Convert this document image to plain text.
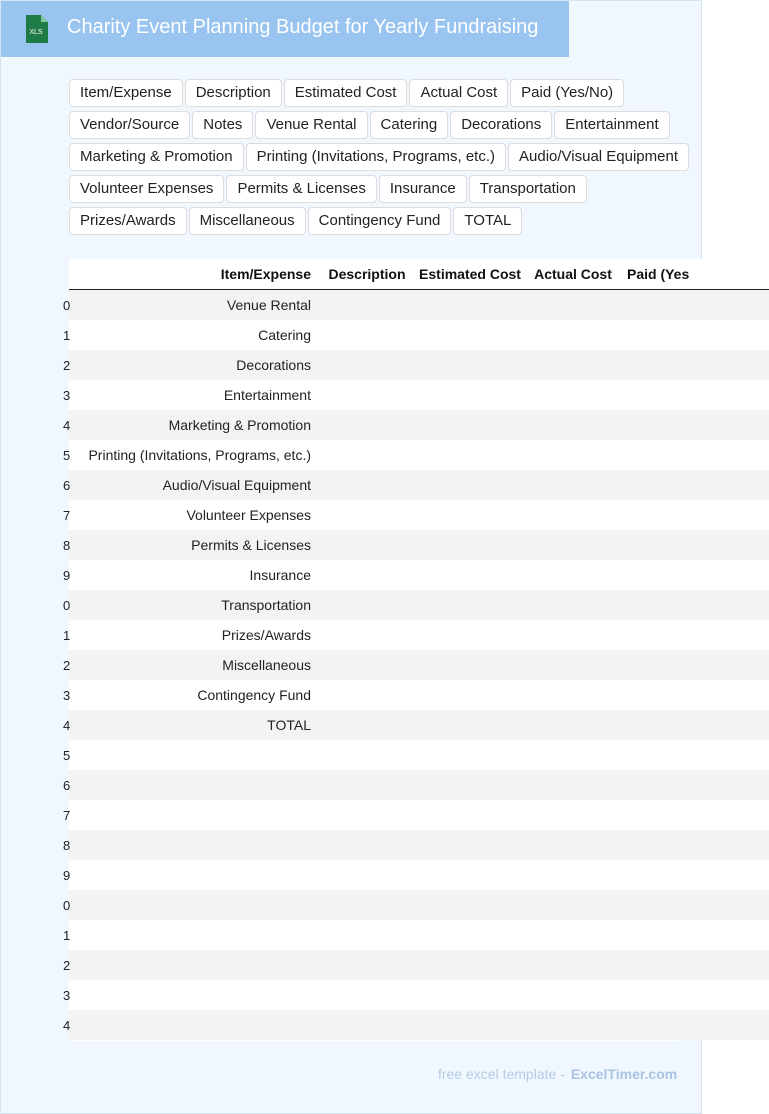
XLS Charity Event Planning Budget for Yearly Fundraising
Item/Expense	Description	Estimated Cost	Actual Cost	Paid (Yes/No)
Vendor/Source	Notes	Venue Rental	Catering	Decorations	Entertainment
Marketing & Promotion	Printing (Invitations, Programs, etc.)	Audio/Visual Equipment
Volunteer Expenses	Permits & Licenses	Insurance	Transportation
Prizes/Awards	Miscellaneous	Contingency Fund	TOTAL
	Item/Expense	Description	Estimated Cost	Actual Cost	Paid (Yes
0	Venue Rental				
1	Catering				
2	Decorations				
3	Entertainment				
4	Marketing & Promotion				
5	Printing (Invitations, Programs, etc.)				
6	Audio/Visual Equipment				
7	Volunteer Expenses				
8	Permits & Licenses				
9	Insurance				
0	Transportation				
1	Prizes/Awards				
2	Miscellaneous				
3	Contingency Fund				
4	TOTAL				
5					
6					
7					
8					
9					
0					
1					
2					
3					
4					
free excel template - ExcelTimer.com
